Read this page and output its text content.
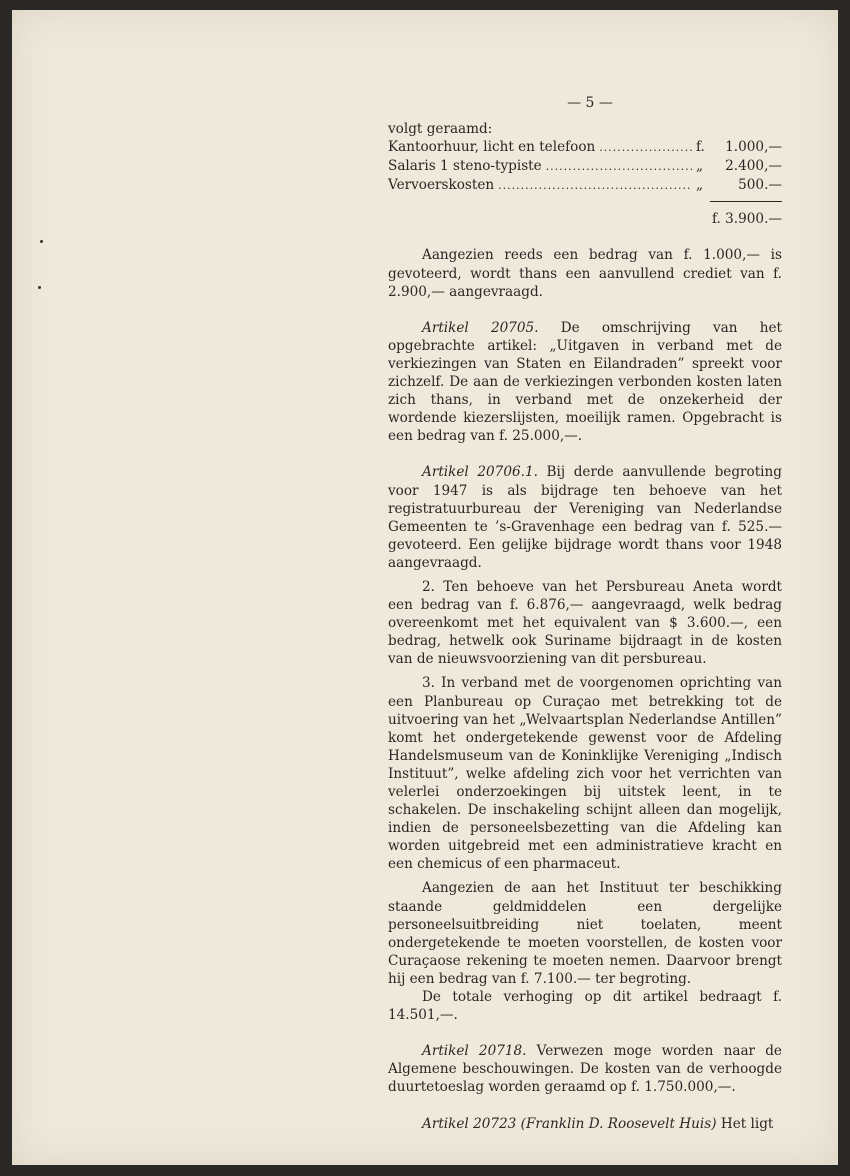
— 5 —
volgt geraamd:
Kantoorhuur, licht en telefoon .....	f. 1.000,—
Salaris 1 steno-typiste .....	„ 2.400,—
Vervoerskosten .....	„	500.—
f. 3.900.—

Aangezien reeds een bedrag van f. 1.000,— is gevoteerd, wordt thans een aanvullend crediet van f. 2.900,— aangevraagd.

Artikel 20705. De omschrijving van het opgebrachte artikel: „Uitgaven in verband met de verkiezingen van Staten en Eilandraden” spreekt voor zichzelf. De aan de verkiezingen verbonden kosten laten zich thans, in verband met de onzekerheid der wordende kiezerslijsten, moeilijk ramen. Opgebracht is een bedrag van f. 25.000,—.

Artikel 20706.1. Bij derde aanvullende begroting voor 1947 is als bijdrage ten behoeve van het registratuurbureau der Vereniging van Nederlandse Gemeenten te ’s-Gravenhage een bedrag van f. 525.— gevoteerd. Een gelijke bijdrage wordt thans voor 1948 aangevraagd.

2. Ten behoeve van het Persbureau Aneta wordt een bedrag van f. 6.876,— aangevraagd, welk bedrag overeenkomt met het equivalent van $ 3.600.—, een bedrag, hetwelk ook Suriname bijdraagt in de kosten van de nieuwsvoorziening van dit persbureau.

3. In verband met de voorgenomen oprichting van een Planbureau op Curaçao met betrekking tot de uitvoering van het „Welvaartsplan Nederlandse Antillen” komt het ondergetekende gewenst voor de Afdeling Handelsmuseum van de Koninklijke Vereniging „Indisch Instituut”, welke afdeling zich voor het verrichten van velerlei onderzoekingen bij uitstek leent, in te schakelen. De inschakeling schijnt alleen dan mogelijk, indien de personeelsbezetting van die Afdeling kan worden uitgebreid met een administratieve kracht en een chemicus of een pharmaceut.

Aangezien de aan het Instituut ter beschikking staande geldmiddelen een dergelijke personeelsuitbreiding niet toelaten, meent ondergetekende te moeten voorstellen, de kosten voor Curaçaose rekening te moeten nemen. Daarvoor brengt hij een bedrag van f. 7.100.— ter begroting.

De totale verhoging op dit artikel bedraagt f. 14.501,—.

Artikel 20718. Verwezen moge worden naar de Algemene beschouwingen. De kosten van de verhoogde duurtetoeslag worden geraamd op f. 1.750.000,—.

Artikel 20723 (Franklin D. Roosevelt Huis) Het ligt
